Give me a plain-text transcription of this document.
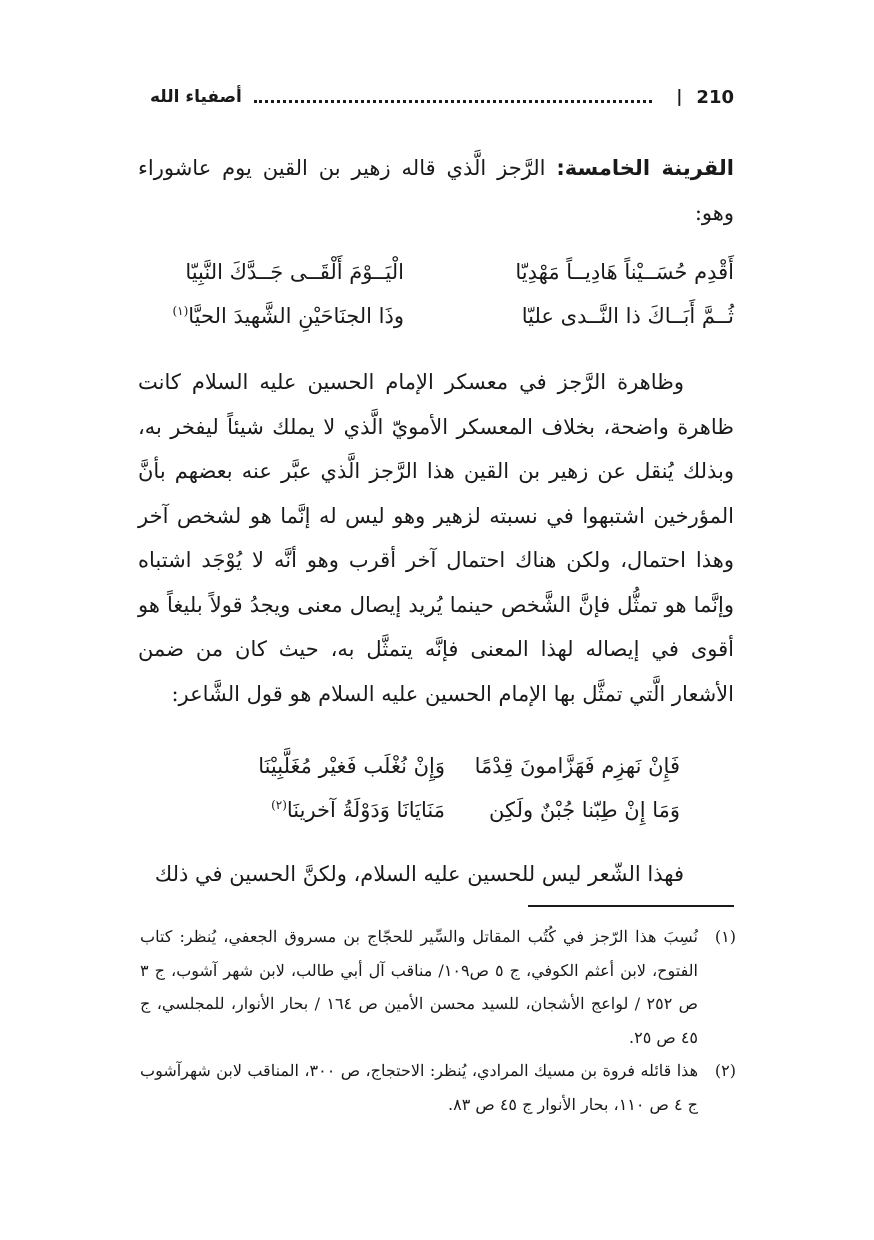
210
|
أصفياء الله
القرينة الخامسة: الرَّجز الَّذي قاله زهير بن القين يوم عاشوراء وهو:
أَقْدِم حُسَــيْناً هَادِيــاً مَهْدِيّا
الْيَــوْمَ أَلْقَــى جَــدَّكَ النَّبِيّا
ثُــمَّ أَبَــاكَ ذا النَّــدى عليّا
وذَا الجنَاحَيْنِ الشَّهيدَ الحيَّا$^{(١)}$
وظاهرة الرَّجز في معسكر الإمام الحسين عليه السلام كانت ظاهرة واضحة، بخلاف المعسكر الأمويّ الَّذي لا يملك شيئاً ليفخر به، وبذلك يُنقل عن زهير بن القين هذا الرَّجز الَّذي عبَّر عنه بعضهم بأنَّ المؤرخين اشتبهوا في نسبته لزهير وهو ليس له إنَّما هو لشخص آخر وهذا احتمال، ولكن هناك احتمال آخر أقرب وهو أنَّه لا يُوْجَد اشتباه وإنَّما هو تمثُّل فإنَّ الشَّخص حينما يُريد إيصال معنى ويجدُ قولاً بليغاً هو أقوى في إيصاله لهذا المعنى فإنَّه يتمثَّل به، حيث كان من ضمن الأشعار الَّتي تمثَّل بها الإمام الحسين عليه السلام هو قول الشَّاعر:
فَإِنْ نَهزِم فَهَزَّامونَ قِدْمًا
وَإِنْ نُغْلَب فَغيْر مُغَلَّبِيْنَا
وَمَا إِنْ طِبّنا جُبْنٌ ولَكِن
مَنَايَانَا وَدَوْلَةُ آخرينَا$^{(٢)}$
فهذا الشّعر ليس للحسين عليه السلام، ولكنَّ الحسين في ذلك

(١)نُسِبَ هذا الرّجز في كُتُب المقاتل والسِّير للحجّاج بن مسروق الجعفي، يُنظر: كتاب الفتوح، لابن أعثم الكوفي، ج ٥ ص١٠٩/ مناقب آل أبي طالب، لابن شهر آشوب، ج ٣ ص ٢٥٢ / لواعج الأشجان، للسيد محسن الأمين ص ١٦٤ / بحار الأنوار، للمجلسي، ج ٤٥ ص ٢٥.

(٢)هذا قائله فروة بن مسيك المرادي، يُنظر: الاحتجاج، ص ٣٠٠، المناقب لابن شهرآشوب ج ٤ ص ١١٠، بحار الأنوار ج ٤٥ ص ٨٣.
